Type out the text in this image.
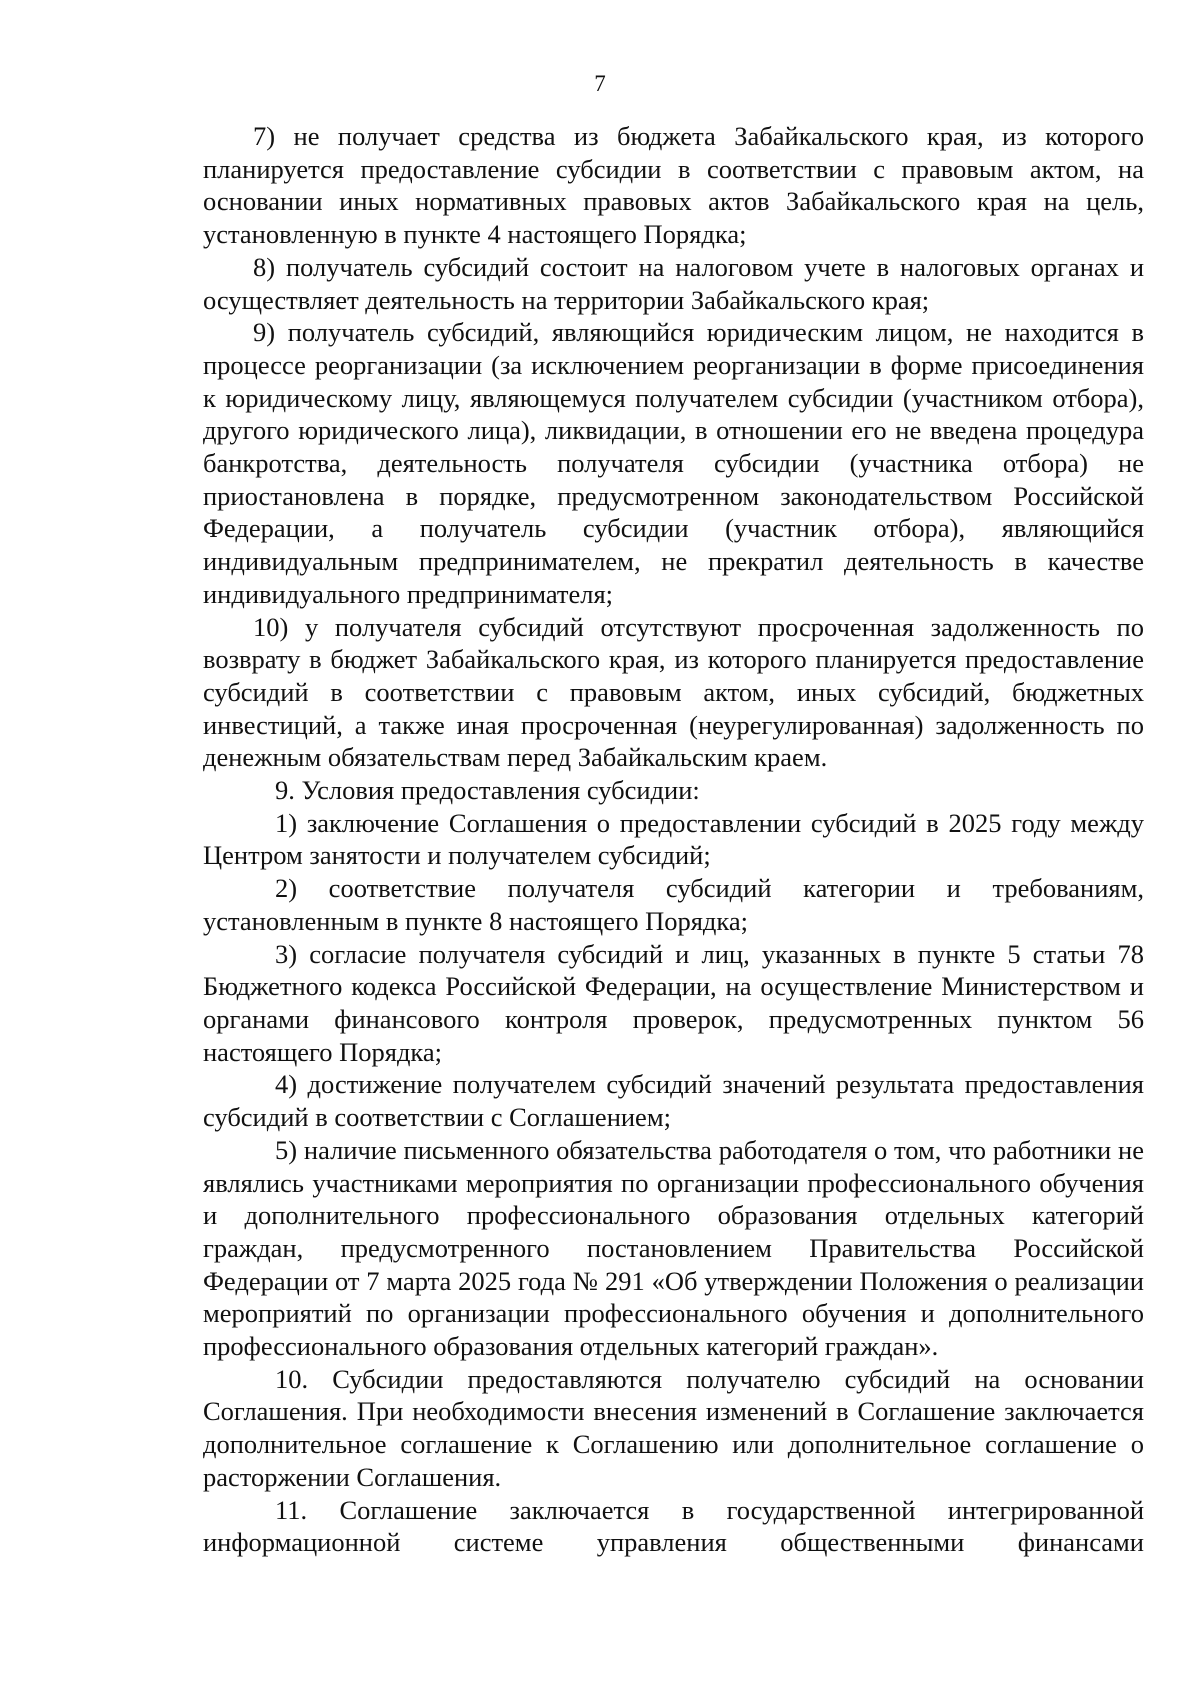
7

7) не получает средства из бюджета Забайкальского края, из которого планируется предоставление субсидии в соответствии с правовым актом, на основании иных нормативных правовых актов Забайкальского края на цель, установленную в пункте 4 настоящего Порядка;

8) получатель субсидий состоит на налоговом учете в налоговых органах и осуществляет деятельность на территории Забайкальского края;

9) получатель субсидий, являющийся юридическим лицом, не находится в процессе реорганизации (за исключением реорганизации в форме присоединения к юридическому лицу, являющемуся получателем субсидии (участником отбора), другого юридического лица), ликвидации, в отношении его не введена процедура банкротства, деятельность получателя субсидии (участника отбора) не приостановлена в порядке, предусмотренном законодательством Российской Федерации, а получатель субсидии (участник отбора), являющийся индивидуальным предпринимателем, не прекратил деятельность в качестве индивидуального предпринимателя;

10) у получателя субсидий отсутствуют просроченная задолженность по возврату в бюджет Забайкальского края, из которого планируется предоставление субсидий в соответствии с правовым актом, иных субсидий, бюджетных инвестиций, а также иная просроченная (неурегулированная) задолженность по денежным обязательствам перед Забайкальским краем.

9. Условия предоставления субсидии:

1) заключение Соглашения о предоставлении субсидий в 2025 году между Центром занятости и получателем субсидий;

2) соответствие получателя субсидий категории и требованиям, установленным в пункте 8 настоящего Порядка;

3) согласие получателя субсидий и лиц, указанных в пункте 5 статьи 78 Бюджетного кодекса Российской Федерации, на осуществление Министерством и органами финансового контроля проверок, предусмотренных пунктом 56 настоящего Порядка;

4) достижение получателем субсидий значений результата предоставления субсидий в соответствии с Соглашением;

5) наличие письменного обязательства работодателя о том, что работники не являлись участниками мероприятия по организации профессионального обучения и дополнительного профессионального образования отдельных категорий граждан, предусмотренного постановлением Правительства Российской Федерации от 7 марта 2025 года № 291 «Об утверждении Положения о реализации мероприятий по организации профессионального обучения и дополнительного профессионального образования отдельных категорий граждан».

10. Субсидии предоставляются получателю субсидий на основании Соглашения. При необходимости внесения изменений в Соглашение заключается дополнительное соглашение к Соглашению или дополнительное соглашение о расторжении Соглашения.

11. Соглашение заключается в государственной интегрированной информационной системе управления общественными финансами
